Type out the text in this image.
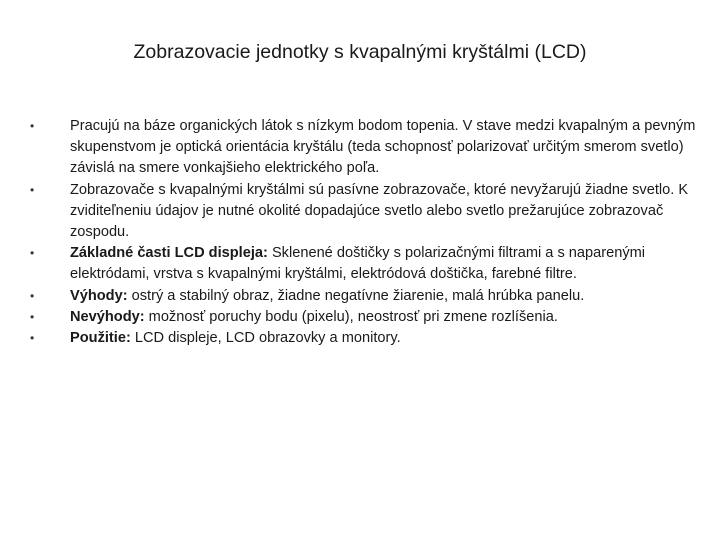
Zobrazovacie jednotky s kvapalnými kryštálmi (LCD)
•	Pracujú na báze organických látok s nízkym bodom topenia. V stave medzi kvapalným a pevným skupenstvom je optická orientácia kryštálu (teda schopnosť polarizovať určitým smerom svetlo) závislá na smere vonkajšieho elektrického poľa.
•	Zobrazovače s kvapalnými kryštálmi sú pasívne zobrazovače, ktoré nevyžarujú žiadne svetlo. K zviditeľneniu údajov je nutné okolité dopadajúce svetlo alebo svetlo prežarujúce zobrazovač zospodu.
•	Základné časti LCD displeja: Sklenené doštičky s polarizačnými filtrami a s naparenými elektródami, vrstva s kvapalnými kryštálmi, elektródová doštička, farebné filtre.
•	Výhody: ostrý a stabilný obraz, žiadne negatívne žiarenie, malá hrúbka panelu.
•	Nevýhody: možnosť poruchy bodu (pixelu), neostrosť pri zmene rozlíšenia.
•	Použitie: LCD displeje, LCD obrazovky a monitory.
